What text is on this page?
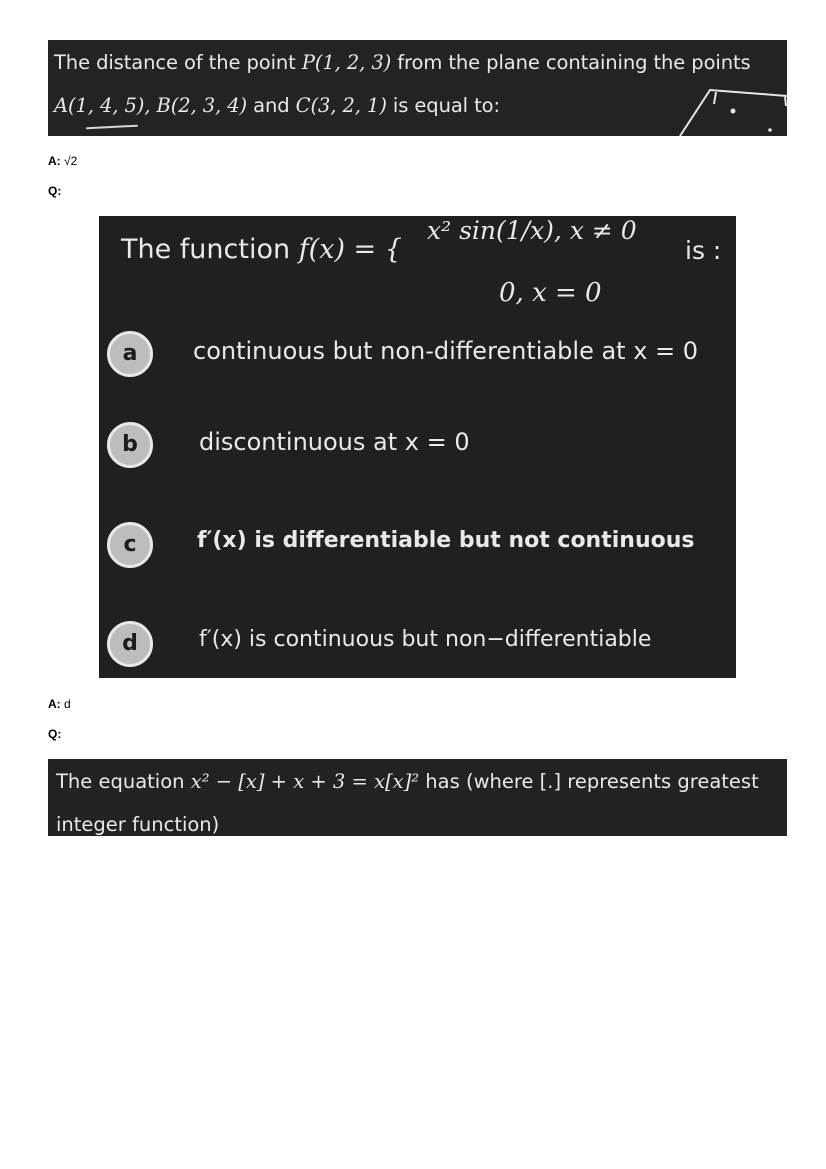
The distance of the point P(1, 2, 3) from the plane containing the points
A(1, 4, 5), B(2, 3, 4) and C(3, 2, 1) is equal to:
A: √2
Q:
The function f(x) = {
x² sin(1/x), x ≠ 0
0, x = 0
is :
a	continuous but non-differentiable at x = 0
b	discontinuous at x = 0
c	f′(x) is differentiable but not continuous
d	f′(x) is continuous but non−differentiable
A: d
Q:
The equation x² − [x] + x + 3 = x[x]² has (where [.] represents greatest
integer function)
